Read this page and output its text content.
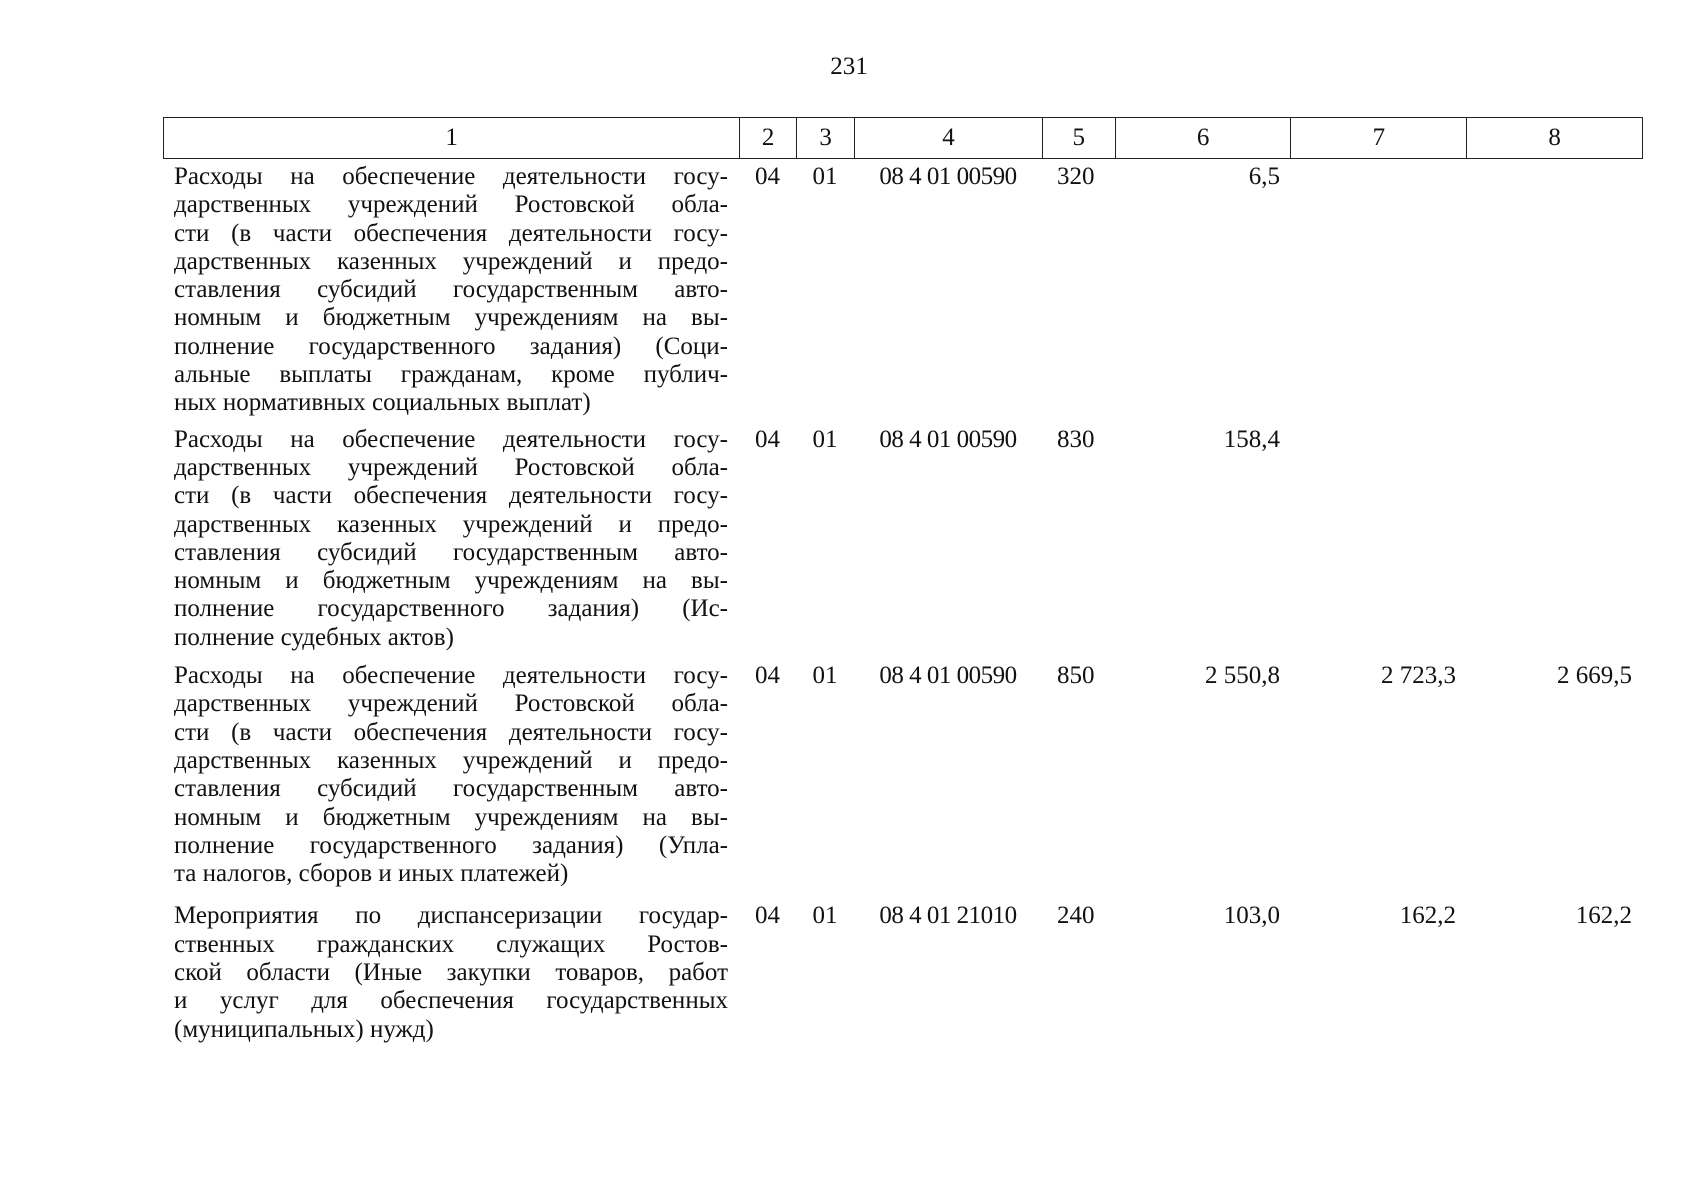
231
1	2	3	4	5	6	7	8
Расходы на обеспечение деятельности госу-
дарственных учреждений Ростовской обла-
сти (в части обеспечения деятельности госу-
дарственных казенных учреждений и предо-
ставления субсидий государственным авто-
номным и бюджетным учреждениям на вы-
полнение государственного задания) (Соци-
альные выплаты гражданам, кроме публич-
ных нормативных социальных выплат)
04	01	08 4 01 00590	320	6,5
Расходы на обеспечение деятельности госу-
дарственных учреждений Ростовской обла-
сти (в части обеспечения деятельности госу-
дарственных казенных учреждений и предо-
ставления субсидий государственным авто-
номным и бюджетным учреждениям на вы-
полнение государственного задания) (Ис-
полнение судебных актов)
04	01	08 4 01 00590	830	158,4
Расходы на обеспечение деятельности госу-
дарственных учреждений Ростовской обла-
сти (в части обеспечения деятельности госу-
дарственных казенных учреждений и предо-
ставления субсидий государственным авто-
номным и бюджетным учреждениям на вы-
полнение государственного задания) (Упла-
та налогов, сборов и иных платежей)
04	01	08 4 01 00590	850	2 550,8	2 723,3	2 669,5
Мероприятия по диспансеризации государ-
ственных гражданских служащих Ростов-
ской области (Иные закупки товаров, работ
и услуг для обеспечения государственных
(муниципальных) нужд)
04	01	08 4 01 21010	240	103,0	162,2	162,2
